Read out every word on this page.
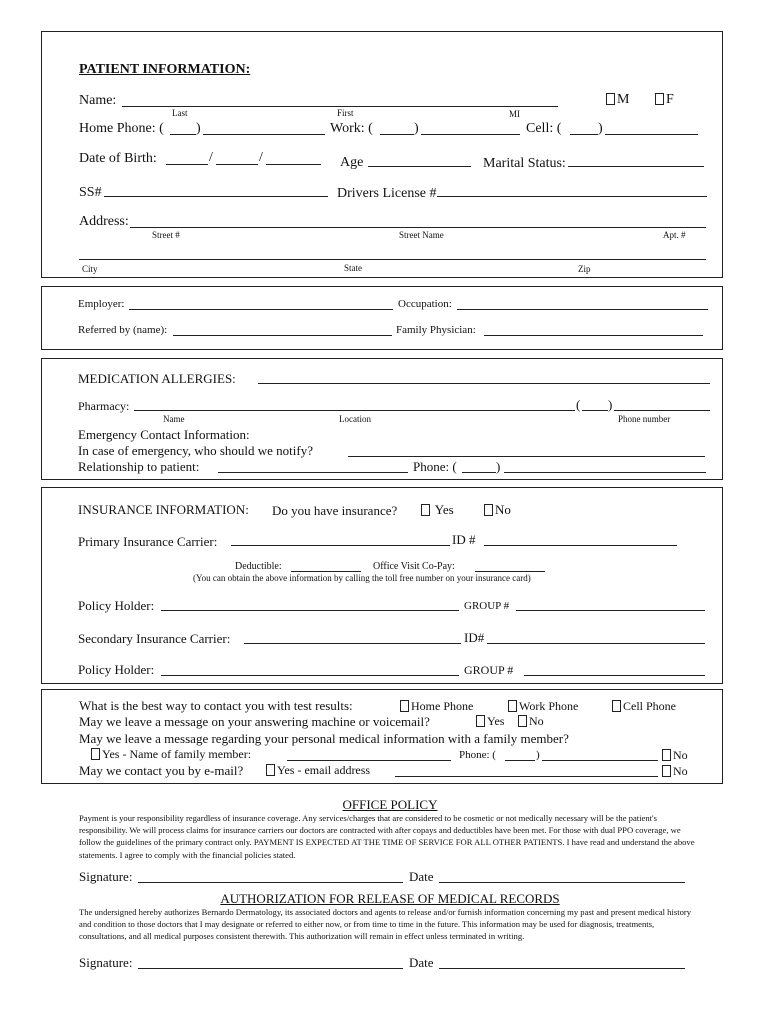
PATIENT INFORMATION:
Name:
Last	First	MI
M	F
Home Phone: ( )	Work: (	)	Cell: (	)
Date of Birth:	/	/	Age	Marital Status:
SS#	Drivers License #
Address:
Street #	Street Name	Apt. #
City	State	Zip
Employer:	Occupation:
Referred by (name):	Family Physician:
MEDICATION ALLERGIES:
Pharmacy:	( )
Name	Location	Phone number
Emergency Contact Information:
In case of emergency, who should we notify?
Relationship to patient:	Phone: (	)
INSURANCE INFORMATION: Do you have insurance?	Yes	No
Primary Insurance Carrier:	ID #
Deductible:	Office Visit Co-Pay:
(You can obtain the above information by calling the toll free number on your insurance card)
Policy Holder:	GROUP #
Secondary Insurance Carrier:	ID#
Policy Holder:	GROUP #
What is the best way to contact you with test results:	Home Phone	Work Phone	Cell Phone
May we leave a message on your answering machine or voicemail?	Yes	No
May we leave a message regarding your personal medical information with a family member?
Yes - Name of family member:	Phone: (	)	No
May we contact you by e-mail?	Yes - email address	No
OFFICE POLICY
Payment is your responsibility regardless of insurance coverage. Any services/charges that are considered to be cosmetic or not medically necessary will be the patient's responsibility. We will process claims for insurance carriers our doctors are contracted with after copays and deductibles have been met. For those with dual PPO coverage, we follow the guidelines of the primary contract only. PAYMENT IS EXPECTED AT THE TIME OF SERVICE FOR ALL OTHER PATIENTS. I have read and understand the above statements. I agree to comply with the financial policies stated.
Signature:	Date
AUTHORIZATION FOR RELEASE OF MEDICAL RECORDS
The undersigned hereby authorizes Bernardo Dermatology, its associated doctors and agents to release and/or furnish information concerning my past and present medical history and condition to those doctors that I may designate or referred to either now, or from time to time in the future. This information may be used for diagnosis, treatments, consultations, and all medical purposes consistent therewith. This authorization will remain in effect unless terminated in writing.
Signature:	Date
